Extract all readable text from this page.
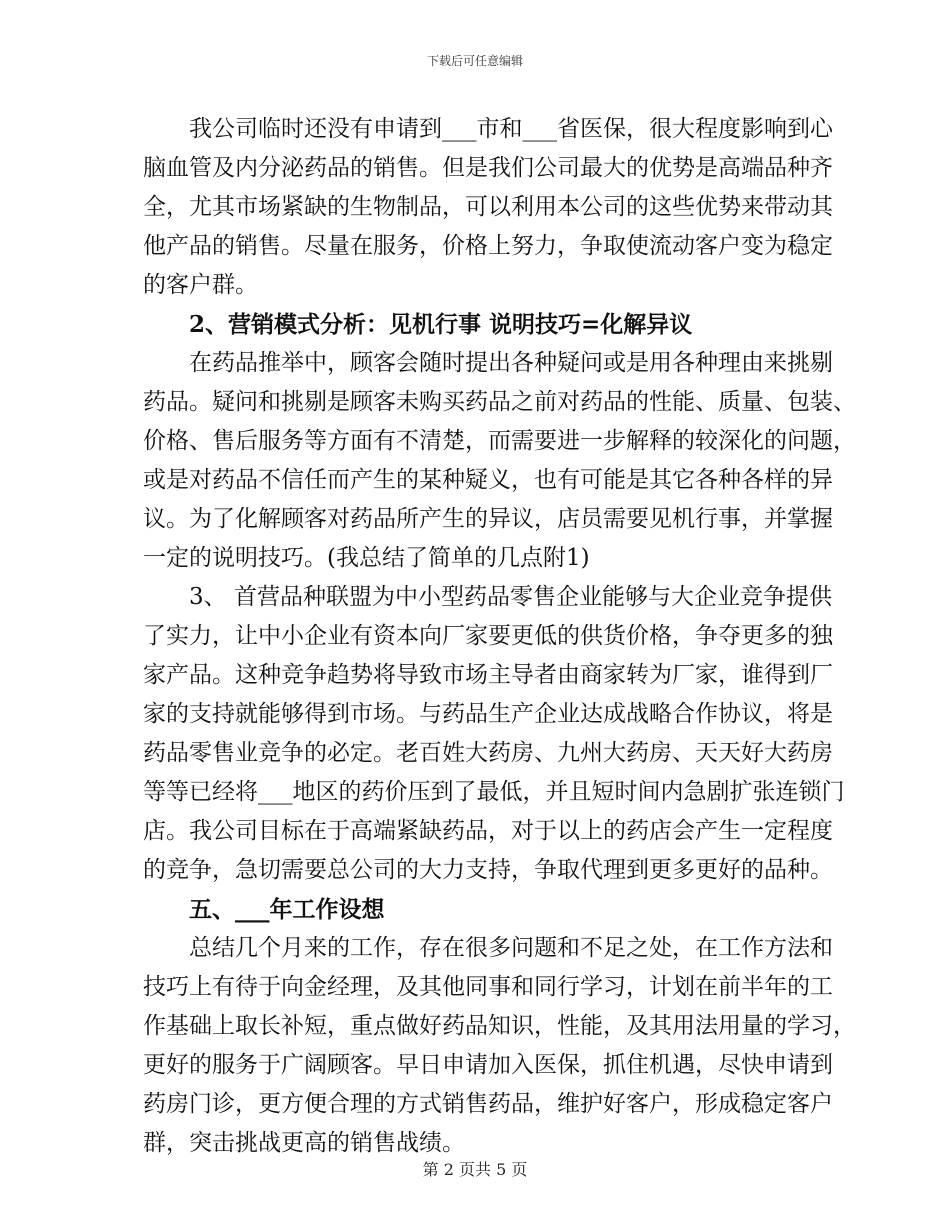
下载后可任意编辑
我公司临时还没有申请到___市和___省医保，很大程度影响到心
脑血管及内分泌药品的销售。但是我们公司最大的优势是高端品种齐
全，尤其市场紧缺的生物制品，可以利用本公司的这些优势来带动其
他产品的销售。尽量在服务，价格上努力，争取使流动客户变为稳定
的客户群。
2、营销模式分析：见机行事 说明技巧=化解异议
在药品推举中，顾客会随时提出各种疑问或是用各种理由来挑剔
药品。疑问和挑剔是顾客未购买药品之前对药品的性能、质量、包装、
价格、售后服务等方面有不清楚，而需要进一步解释的较深化的问题，
或是对药品不信任而产生的某种疑义，也有可能是其它各种各样的异
议。为了化解顾客对药品所产生的异议，店员需要见机行事，并掌握
一定的说明技巧。(我总结了简单的几点附1)
3、 首营品种联盟为中小型药品零售企业能够与大企业竞争提供
了实力，让中小企业有资本向厂家要更低的供货价格，争夺更多的独
家产品。这种竞争趋势将导致市场主导者由商家转为厂家，谁得到厂
家的支持就能够得到市场。与药品生产企业达成战略合作协议，将是
药品零售业竞争的必定。老百姓大药房、九州大药房、天天好大药房
等等已经将___地区的药价压到了最低，并且短时间内急剧扩张连锁门
店。我公司目标在于高端紧缺药品，对于以上的药店会产生一定程度
的竞争，急切需要总公司的大力支持，争取代理到更多更好的品种。
五、___年工作设想
总结几个月来的工作，存在很多问题和不足之处，在工作方法和
技巧上有待于向金经理，及其他同事和同行学习，计划在前半年的工
作基础上取长补短，重点做好药品知识，性能，及其用法用量的学习，
更好的服务于广阔顾客。早日申请加入医保，抓住机遇，尽快申请到
药房门诊，更方便合理的方式销售药品，维护好客户，形成稳定客户
群，突击挑战更高的销售战绩。
第 2 页共 5 页
